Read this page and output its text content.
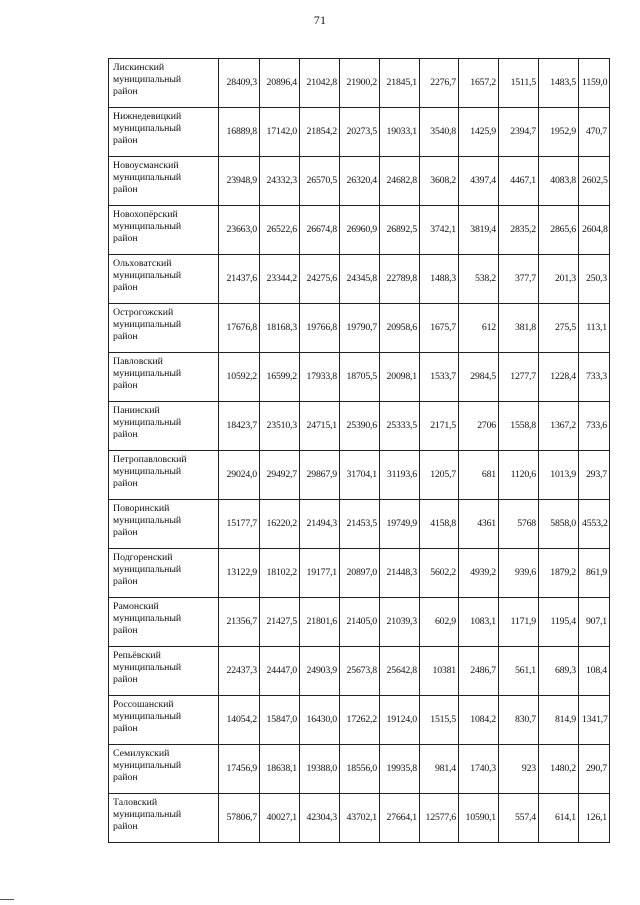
71
Лискинский
муниципальный
район	28409,3	20896,4	21042,8	21900,2	21845,1	2276,7	1657,2	1511,5	1483,5	1159,0

Нижнедевицкий
муниципальный
район	16889,8	17142,0	21854,2	20273,5	19033,1	3540,8	1425,9	2394,7	1952,9	470,7

Новоусманский
муниципальный
район	23948,9	24332,3	26570,5	26320,4	24682,8	3608,2	4397,4	4467,1	4083,8	2602,5

Новохопёрский
муниципальный
район	23663,0	26522,6	26674,8	26960,9	26892,5	3742,1	3819,4	2835,2	2865,6	2604,8

Ольховатский
муниципальный
район	21437,6	23344,2	24275,6	24345,8	22789,8	1488,3	538,2	377,7	201,3	250,3

Острогожский
муниципальный
район	17676,8	18168,3	19766,8	19790,7	20958,6	1675,7	612	381,8	275,5	113,1

Павловский
муниципальный
район	10592,2	16599,2	17933,8	18705,5	20098,1	1533,7	2984,5	1277,7	1228,4	733,3

Панинский
муниципальный
район	18423,7	23510,3	24715,1	25390,6	25333,5	2171,5	2706	1558,8	1367,2	733,6

Петропавловский
муниципальный
район	29024,0	29492,7	29867,9	31704,1	31193,6	1205,7	681	1120,6	1013,9	293,7

Поворинский
муниципальный
район	15177,7	16220,2	21494,3	21453,5	19749,9	4158,8	4361	5768	5858,0	4553,2

Подгоренский
муниципальный
район	13122,9	18102,2	19177,1	20897,0	21448,3	5602,2	4939,2	939,6	1879,2	861,9

Рамонский
муниципальный
район	21356,7	21427,5	21801,6	21405,0	21039,3	602,9	1083,1	1171,9	1195,4	907,1

Репьёвский
муниципальный
район	22437,3	24447,0	24903,9	25673,8	25642,8	10381	2486,7	561,1	689,3	108,4

Россошанский
муниципальный
район	14054,2	15847,0	16430,0	17262,2	19124,0	1515,5	1084,2	830,7	814,9	1341,7

Семилукский
муниципальный
район	17456,9	18638,1	19388,0	18556,0	19935,8	981,4	1740,3	923	1480,2	290,7

Таловский
муниципальный
район	57806,7	40027,1	42304,3	43702,1	27664,1	12577,6	10590,1	557,4	614,1	126,1
